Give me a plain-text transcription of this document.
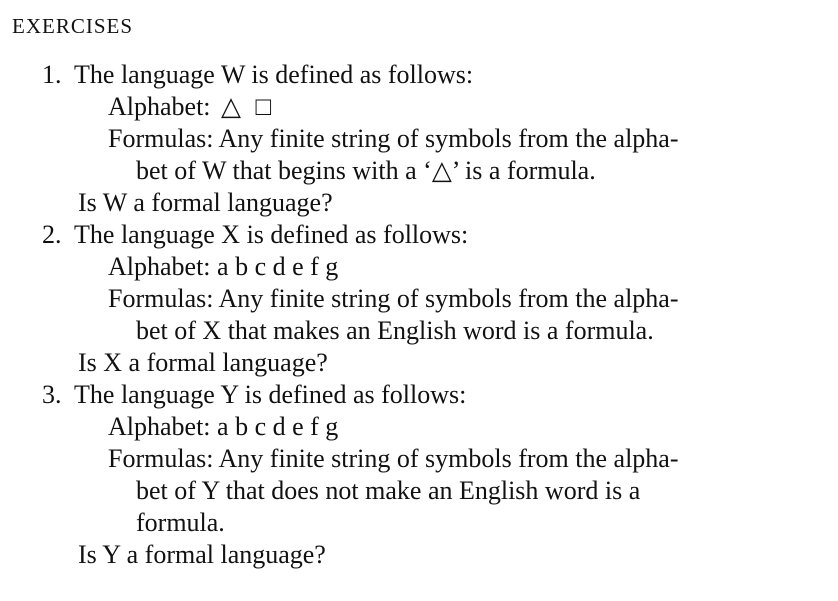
EXERCISES
1. The language W is defined as follows:
Alphabet: △ □
Formulas: Any finite string of symbols from the alpha-
bet of W that begins with a ‘△’ is a formula.
Is W a formal language?
2. The language X is defined as follows:
Alphabet: a b c d e f g
Formulas: Any finite string of symbols from the alpha-
bet of X that makes an English word is a formula.
Is X a formal language?
3. The language Y is defined as follows:
Alphabet: a b c d e f g
Formulas: Any finite string of symbols from the alpha-
bet of Y that does not make an English word is a
formula.
Is Y a formal language?
